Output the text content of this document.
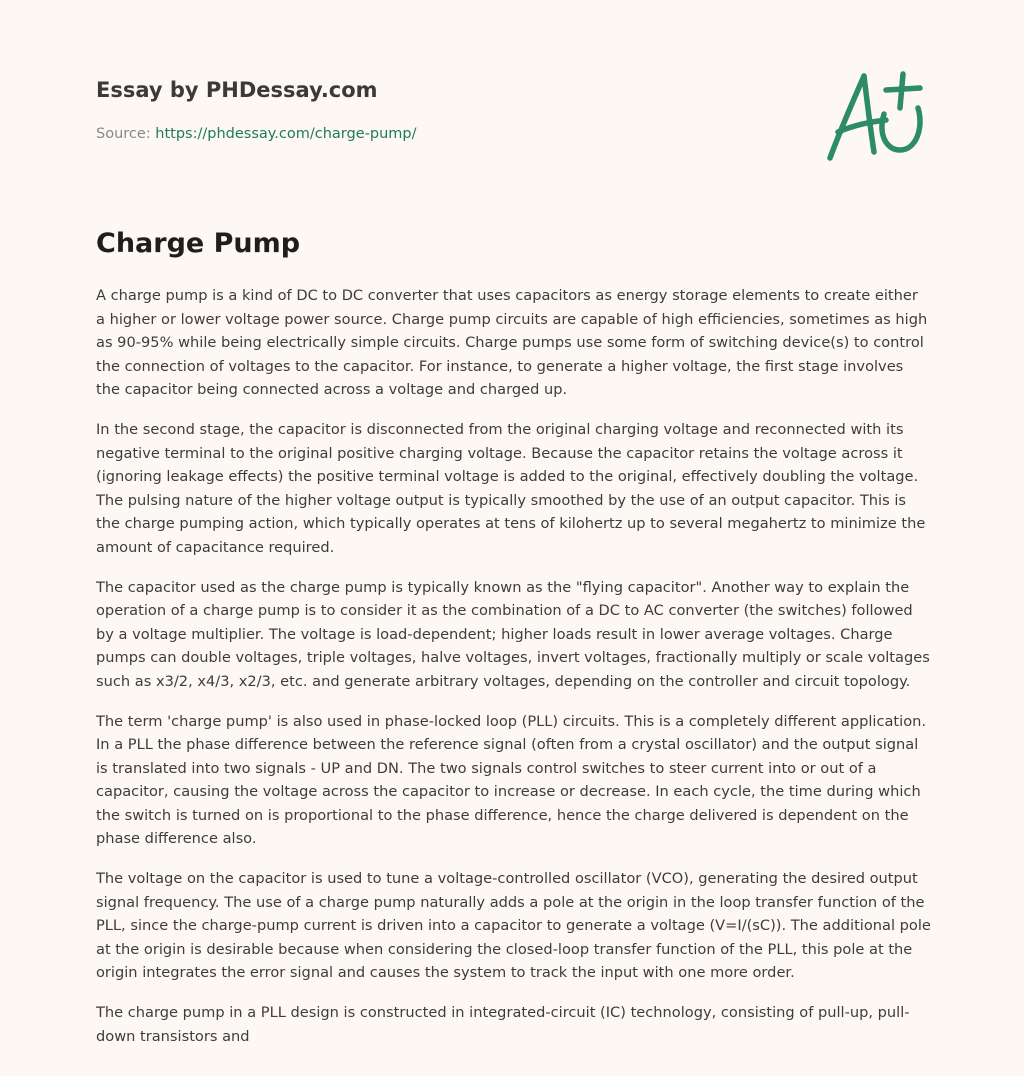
Essay by PHDessay.com
Source: https://phdessay.com/charge-pump/
Charge Pump

A charge pump is a kind of DC to DC converter that uses capacitors as energy storage elements to create either a higher or lower voltage power source. Charge pump circuits are capable of high efficiencies, sometimes as high as 90-95% while being electrically simple circuits. Charge pumps use some form of switching device(s) to control the connection of voltages to the capacitor. For instance, to generate a higher voltage, the first stage involves the capacitor being connected across a voltage and charged up.

In the second stage, the capacitor is disconnected from the original charging voltage and reconnected with its negative terminal to the original positive charging voltage. Because the capacitor retains the voltage across it (ignoring leakage effects) the positive terminal voltage is added to the original, effectively doubling the voltage. The pulsing nature of the higher voltage output is typically smoothed by the use of an output capacitor. This is the charge pumping action, which typically operates at tens of kilohertz up to several megahertz to minimize the amount of capacitance required.

The capacitor used as the charge pump is typically known as the "flying capacitor". Another way to explain the operation of a charge pump is to consider it as the combination of a DC to AC converter (the switches) followed by a voltage multiplier. The voltage is load-dependent; higher loads result in lower average voltages. Charge pumps can double voltages, triple voltages, halve voltages, invert voltages, fractionally multiply or scale voltages such as x3/2, x4/3, x2/3, etc. and generate arbitrary voltages, depending on the controller and circuit topology.

The term 'charge pump' is also used in phase-locked loop (PLL) circuits. This is a completely different application. In a PLL the phase difference between the reference signal (often from a crystal oscillator) and the output signal is translated into two signals - UP and DN. The two signals control switches to steer current into or out of a capacitor, causing the voltage across the capacitor to increase or decrease. In each cycle, the time during which the switch is turned on is proportional to the phase difference, hence the charge delivered is dependent on the phase difference also.

The voltage on the capacitor is used to tune a voltage-controlled oscillator (VCO), generating the desired output signal frequency. The use of a charge pump naturally adds a pole at the origin in the loop transfer function of the PLL, since the charge-pump current is driven into a capacitor to generate a voltage (V=I/(sC)). The additional pole at the origin is desirable because when considering the closed-loop transfer function of the PLL, this pole at the origin integrates the error signal and causes the system to track the input with one more order.

The charge pump in a PLL design is constructed in integrated-circuit (IC) technology, consisting of pull-up, pull-down transistors and
